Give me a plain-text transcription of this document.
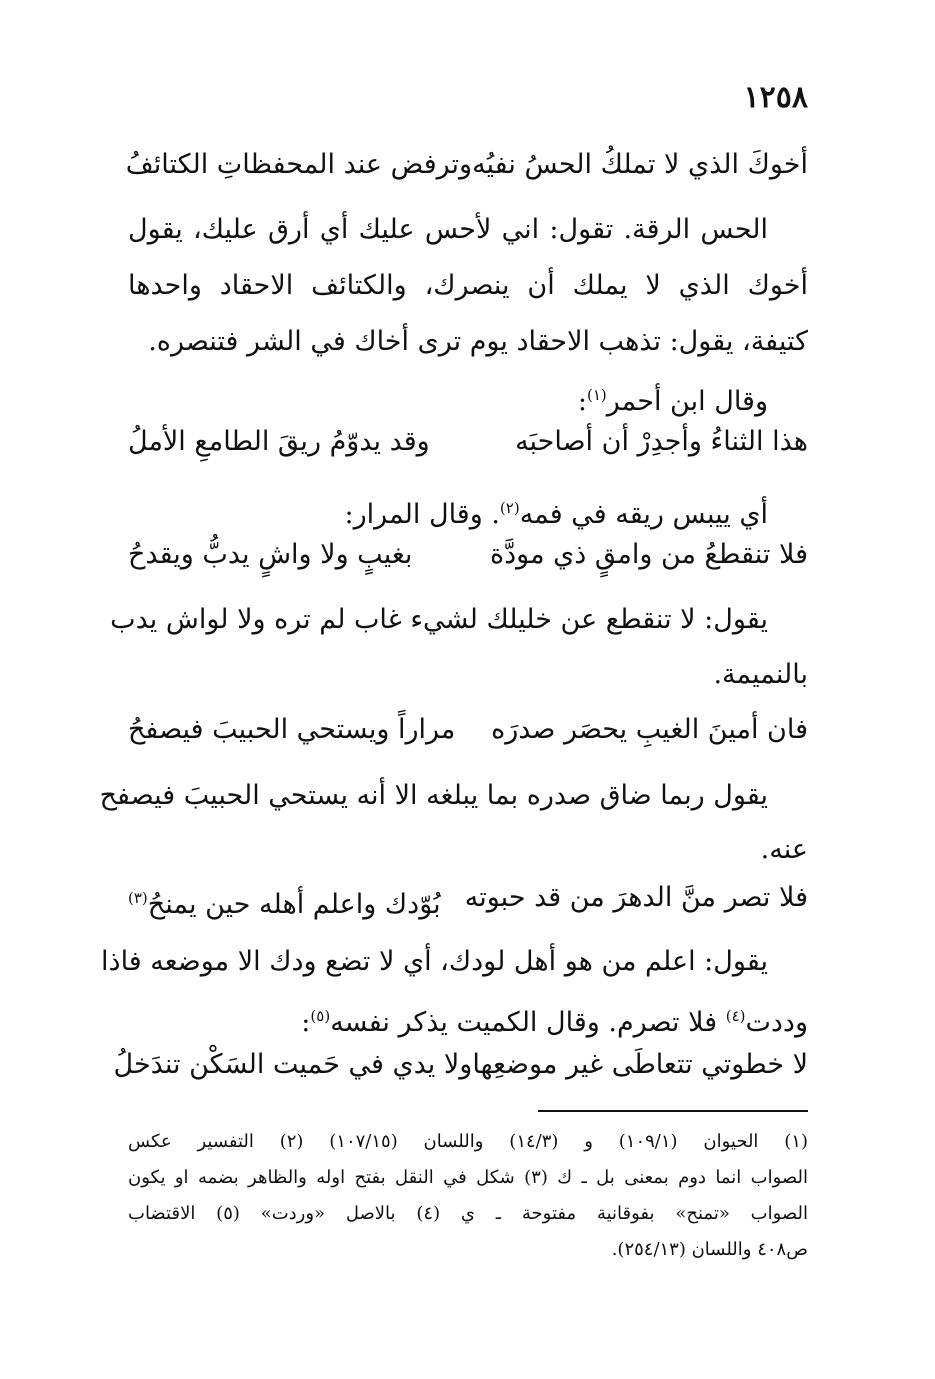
١٢٥٨
أخوكَ الذي لا تملكُ الحسُ نفيُه
وترفض عند المحفظاتِ الكتائفُ
الحس الرقة. تقول: اني لأحس عليك أي أرق عليك، يقول
أخوك الذي لا يملك أن ينصرك، والكتائف الاحقاد واحدها
كتيفة، يقول: تذهب الاحقاد يوم ترى أخاك في الشر فتنصره.
وقال ابن أحمر$^{(١)}$:
هذا الثناءُ وأجدِرْ أن أصاحبَه
وقد يدوّمُ ريقَ الطامعِ الأملُ
أي ييبس ريقه في فمه$^{(٢)}$. وقال المرار:
فلا تنقطعُ من وامقٍ ذي مودَّة
بغيبٍ ولا واشٍ يدبُّ ويقدحُ
يقول: لا تنقطع عن خليلك لشيء غاب لم تره ولا لواش يدب
بالنميمة.
فان أمينَ الغيبِ يحصَر صدرَه
مراراً ويستحي الحبيبَ فيصفحُ
يقول ربما ضاق صدره بما يبلغه الا أنه يستحي الحبيبَ فيصفح
عنه.
فلا تصر منَّ الدهرَ من قد حبوته
بُوّدك واعلم أهله حين يمنحُ$^{(٣)}$
يقول: اعلم من هو أهل لودك، أي لا تضع ودك الا موضعه فاذا
وددت$^{(٤)}$ فلا تصرم. وقال الكميت يذكر نفسه$^{(٥)}$:
لا خطوتي تتعاطَى غير موضعِها
ولا يدي في حَميت السَكْن تندَخلُ
(١) الحيوان (١٠٩/١) و (١٤/٣) واللسان (١٠٧/١٥) (٢) التفسير عكس
الصواب انما دوم بمعنى بل ـ ك (٣) شكل في النقل بفتح اوله والظاهر بضمه او يكون
الصواب «تمنح» بفوقانية مفتوحة ـ ي (٤) بالاصل «وردت» (٥) الاقتضاب
ص٤٠٨ واللسان (٢٥٤/١٣).
